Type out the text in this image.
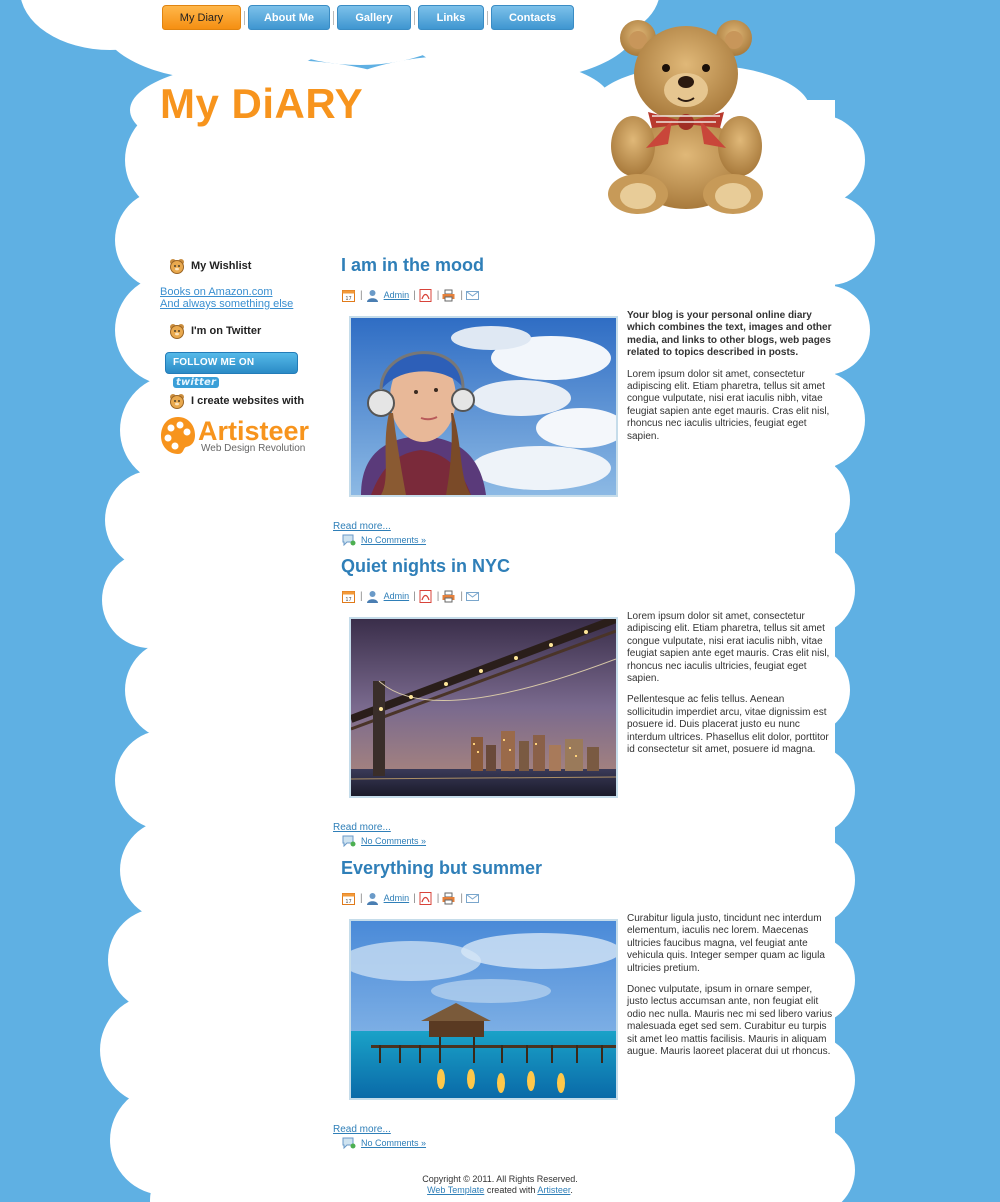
My Diary	About Me	Gallery	Links	Contacts
My DiARY
My Wishlist
Books on Amazon.com
And always something else
I'm on Twitter
FOLLOW ME ON twitter
I create websites with
Artisteer
Web Design Revolution
I am in the mood
17 | Admin | | |

Your blog is your personal online diary which combines the text, images and other media, and links to other blogs, web pages related to topics described in posts.

Lorem ipsum dolor sit amet, consectetur adipiscing elit. Etiam pharetra, tellus sit amet congue vulputate, nisi erat iaculis nibh, vitae feugiat sapien ante eget mauris. Cras elit nisl, rhoncus nec iaculis ultricies, feugiat eget sapien.

Read more...
No Comments »
Quiet nights in NYC
17 | Admin | | |

Lorem ipsum dolor sit amet, consectetur adipiscing elit. Etiam pharetra, tellus sit amet congue vulputate, nisi erat iaculis nibh, vitae feugiat sapien ante eget mauris. Cras elit nisl, rhoncus nec iaculis ultricies, feugiat eget sapien.

Pellentesque ac felis tellus. Aenean sollicitudin imperdiet arcu, vitae dignissim est posuere id. Duis placerat justo eu nunc interdum ultrices. Phasellus elit dolor, porttitor id consectetur sit amet, posuere id magna.

Read more...
No Comments »
Everything but summer
17 | Admin | | |

Curabitur ligula justo, tincidunt nec interdum elementum, iaculis nec lorem. Maecenas ultricies faucibus magna, vel feugiat ante vehicula quis. Integer semper quam ac ligula ultricies pretium.

Donec vulputate, ipsum in ornare semper, justo lectus accumsan ante, non feugiat elit odio nec nulla. Mauris nec mi sed libero varius malesuada eget sed sem. Curabitur eu turpis sit amet leo mattis facilisis. Mauris in aliquam augue. Mauris laoreet placerat dui ut rhoncus.

Read more...
No Comments »
Copyright © 2011. All Rights Reserved.
Web Template created with Artisteer.
